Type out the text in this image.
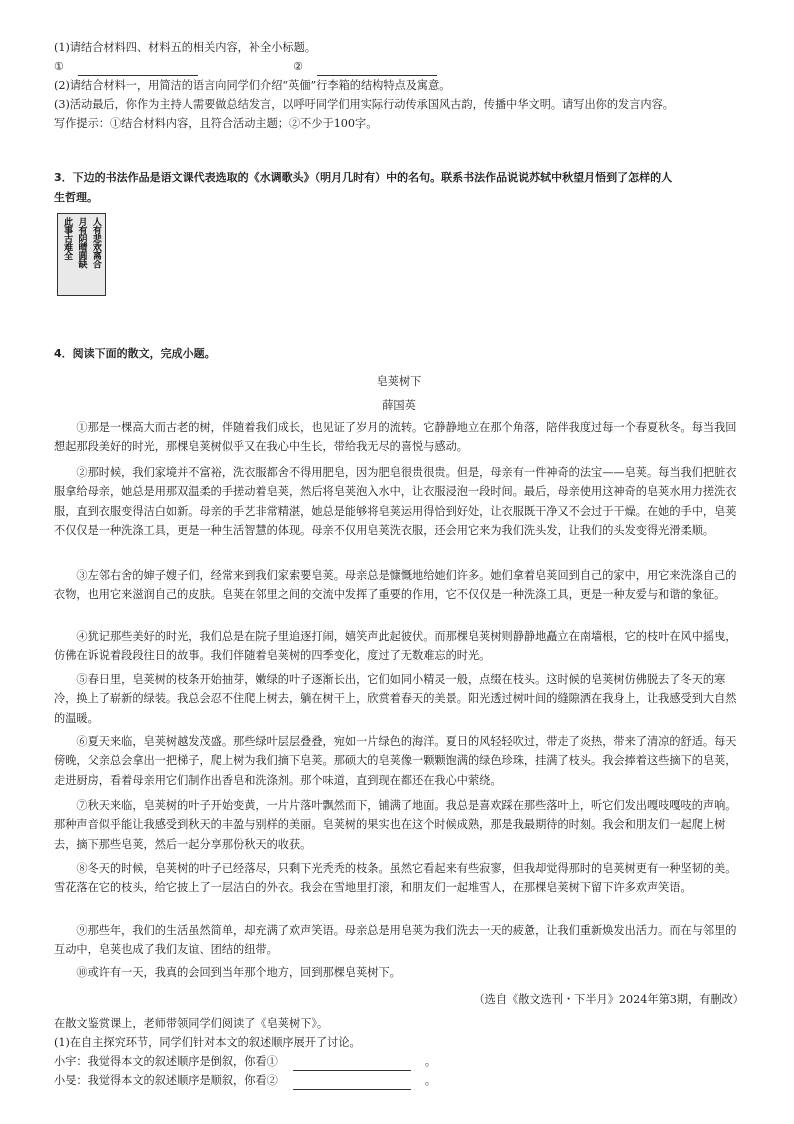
(1)请结合材料四、材料五的相关内容，补全小标题。
①	②
(2)请结合材料一，用简洁的语言向同学们介绍“英偭”行李箱的结构特点及寓意。
(3)活动最后，你作为主持人需要做总结发言，以呼吁同学们用实际行动传承国风古韵，传播中华文明。请写出你的发言内容。
写作提示：①结合材料内容，且符合活动主题；②不少于100字。
3．下边的书法作品是语文课代表选取的《水调歌头》（明月几时有）中的名句。联系书法作品说说苏轼中秋望月悟到了怎样的人
生哲理。
人有悲欢离合
月有阴晴圆缺
此事古难全
4．阅读下面的散文，完成小题。
皂荚树下
薛国英
①那是一棵高大而古老的树，伴随着我们成长，也见证了岁月的流转。它静静地立在那个角落，陪伴我度过每一个春夏秋冬。每当我回想起那段美好的时光，那棵皂荚树似乎又在我心中生长，带给我无尽的喜悦与感动。
②那时候，我们家境并不富裕，洗衣服都舍不得用肥皂，因为肥皂很贵很贵。但是，母亲有一件神奇的法宝——皂荚。每当我们把脏衣服拿给母亲，她总是用那双温柔的手搓动着皂荚，然后将皂荚泡入水中，让衣服浸泡一段时间。最后，母亲使用这神奇的皂荚水用力搓洗衣服，直到衣服变得洁白如新。母亲的手艺非常精湛，她总是能够将皂荚运用得恰到好处，让衣服既干净又不会过于干燥。在她的手中，皂荚不仅仅是一种洗涤工具，更是一种生活智慧的体现。母亲不仅用皂荚洗衣服，还会用它来为我们洗头发，让我们的头发变得光滑柔顺。
③左邻右舍的婶子嫂子们，经常来到我们家索要皂荚。母亲总是慷慨地给她们许多。她们拿着皂荚回到自己的家中，用它来洗涤自己的衣物，也用它来滋润自己的皮肤。皂荚在邻里之间的交流中发挥了重要的作用，它不仅仅是一种洗涤工具，更是一种友爱与和谐的象征。
④犹记那些美好的时光，我们总是在院子里追逐打闹，嬉笑声此起彼伏。而那棵皂荚树则静静地矗立在南墙根，它的枝叶在风中摇曳，仿佛在诉说着段段往日的故事。我们伴随着皂荚树的四季变化，度过了无数难忘的时光。
⑤春日里，皂荚树的枝条开始抽芽，嫩绿的叶子逐渐长出，它们如同小精灵一般，点缀在枝头。这时候的皂荚树仿佛脱去了冬天的寒冷，换上了崭新的绿装。我总会忍不住爬上树去，躺在树干上，欣赏着春天的美景。阳光透过树叶间的缝隙洒在我身上，让我感受到大自然的温暖。
⑥夏天来临，皂荚树越发茂盛。那些绿叶层层叠叠，宛如一片绿色的海洋。夏日的风轻轻吹过，带走了炎热，带来了清凉的舒适。每天傍晚，父亲总会拿出一把梯子，爬上树为我们摘下皂荚。那硕大的皂荚像一颗颗饱满的绿色珍珠，挂满了枝头。我会捧着这些摘下的皂荚，走进厨房，看着母亲用它们制作出香皂和洗涤剂。那个味道，直到现在都还在我心中萦绕。
⑦秋天来临，皂荚树的叶子开始变黄，一片片落叶飘然而下，铺满了地面。我总是喜欢踩在那些落叶上，听它们发出嘎吱嘎吱的声响。那种声音似乎能让我感受到秋天的丰盈与别样的美丽。皂荚树的果实也在这个时候成熟，那是我最期待的时刻。我会和朋友们一起爬上树去，摘下那些皂荚，然后一起分享那份秋天的收获。
⑧冬天的时候，皂荚树的叶子已经落尽，只剩下光秃秃的枝条。虽然它看起来有些寂寥，但我却觉得那时的皂荚树更有一种坚韧的美。雪花落在它的枝头，给它披上了一层洁白的外衣。我会在雪地里打滚，和朋友们一起堆雪人，在那棵皂荚树下留下许多欢声笑语。
⑨那些年，我们的生活虽然简单，却充满了欢声笑语。母亲总是用皂荚为我们洗去一天的疲惫，让我们重新焕发出活力。而在与邻里的互动中，皂荚也成了我们友谊、团结的纽带。
⑩或许有一天，我真的会回到当年那个地方，回到那棵皂荚树下。
（选自《散文选刊・下半月》2024年第3期，有删改）
在散文鉴赏课上，老师带领同学们阅读了《皂荚树下》。
(1)在自主探究环节，同学们针对本文的叙述顺序展开了讨论。
小宇：我觉得本文的叙述顺序是倒叙，你看①	。
小旻：我觉得本文的叙述顺序是顺叙，你看②	。
